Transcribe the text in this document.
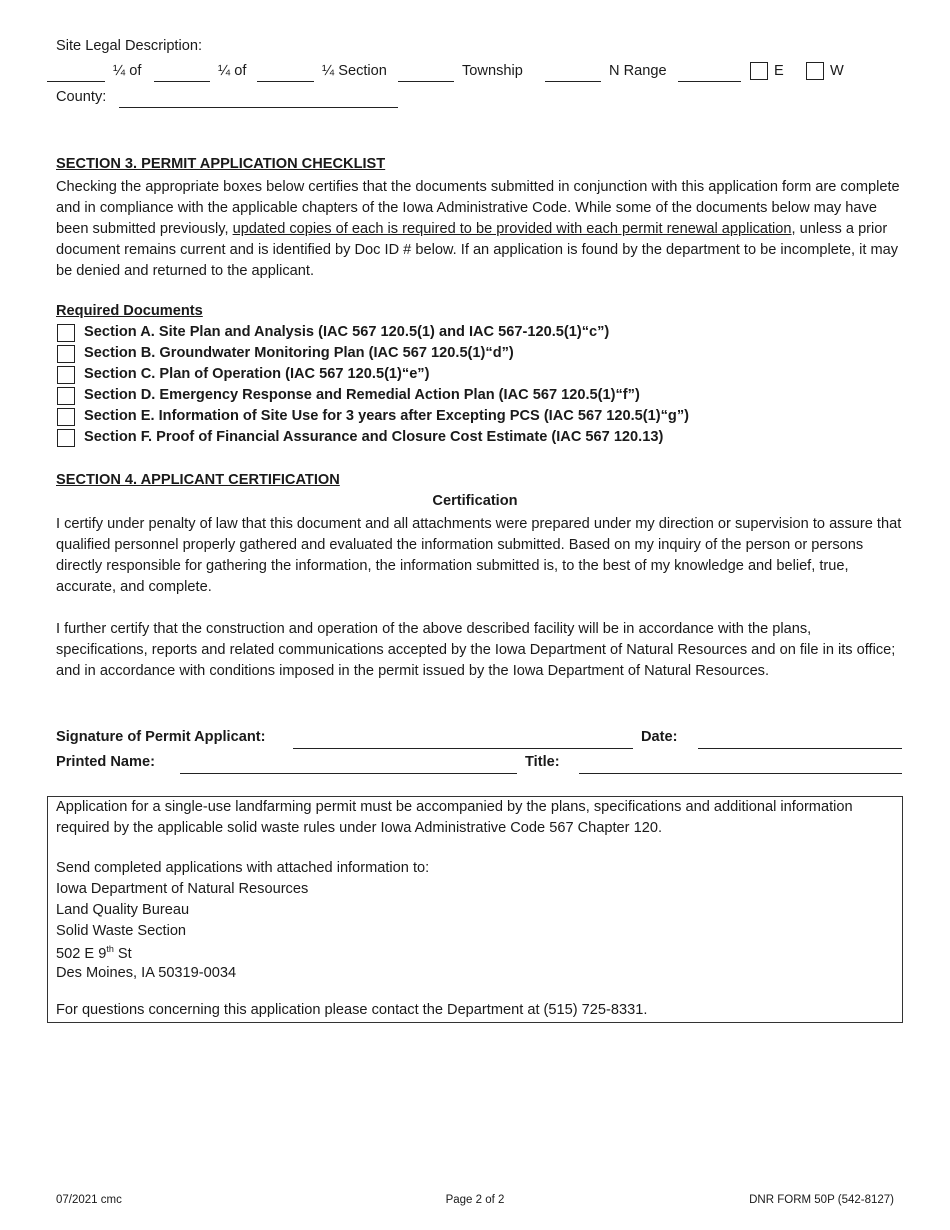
Site Legal Description:
¼ of	¼ of	¼ Section	Township	N Range	E	W
County:
SECTION 3. PERMIT APPLICATION CHECKLIST
Checking the appropriate boxes below certifies that the documents submitted in conjunction with this application form are complete and in compliance with the applicable chapters of the Iowa Administrative Code. While some of the documents below may have been submitted previously, updated copies of each is required to be provided with each permit renewal application, unless a prior document remains current and is identified by Doc ID # below. If an application is found by the department to be incomplete, it may be denied and returned to the applicant.
Required Documents
Section A. Site Plan and Analysis (IAC 567 120.5(1) and IAC 567-120.5(1)“c”)
Section B. Groundwater Monitoring Plan (IAC 567 120.5(1)“d”)
Section C. Plan of Operation (IAC 567 120.5(1)“e”)
Section D. Emergency Response and Remedial Action Plan (IAC 567 120.5(1)“f”)
Section E. Information of Site Use for 3 years after Excepting PCS (IAC 567 120.5(1)“g”)
Section F. Proof of Financial Assurance and Closure Cost Estimate (IAC 567 120.13)
SECTION 4. APPLICANT CERTIFICATION
Certification
I certify under penalty of law that this document and all attachments were prepared under my direction or supervision to assure that qualified personnel properly gathered and evaluated the information submitted. Based on my inquiry of the person or persons directly responsible for gathering the information, the information submitted is, to the best of my knowledge and belief, true, accurate, and complete.
I further certify that the construction and operation of the above described facility will be in accordance with the plans, specifications, reports and related communications accepted by the Iowa Department of Natural Resources and on file in its office; and in accordance with conditions imposed in the permit issued by the Iowa Department of Natural Resources.
Signature of Permit Applicant:	Date:
Printed Name:	Title:
Application for a single-use landfarming permit must be accompanied by the plans, specifications and additional information required by the applicable solid waste rules under Iowa Administrative Code 567 Chapter 120.
Send completed applications with attached information to:
Iowa Department of Natural Resources
Land Quality Bureau
Solid Waste Section
502 E 9th St
Des Moines, IA 50319-0034
For questions concerning this application please contact the Department at (515) 725-8331.
07/2021 cmc	Page 2 of 2	DNR FORM 50P (542-8127)
